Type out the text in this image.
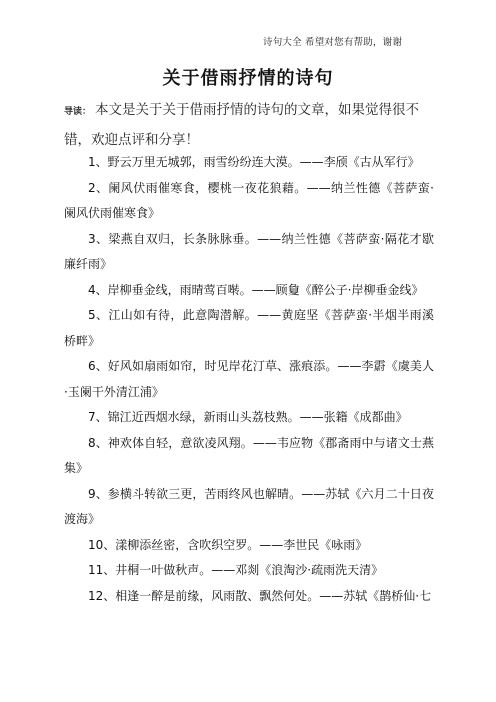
诗句大全 希望对您有帮助，谢谢
关于借雨抒情的诗句
导读： 本文是关于关于借雨抒情的诗句的文章，如果觉得很不错，欢迎点评和分享！
1、野云万里无城郭，雨雪纷纷连大漠。——李颀《古从军行》
2、阑风伏雨催寒食，樱桃一夜花狼藉。——纳兰性德《菩萨蛮·阑风伏雨催寒食》
3、梁燕自双归，长条脉脉垂。——纳兰性德《菩萨蛮·隔花才歇廉纤雨》
4、岸柳垂金线，雨晴莺百啭。——顾敻《醉公子·岸柳垂金线》
5、江山如有待，此意陶潜解。——黄庭坚《菩萨蛮·半烟半雨溪桥畔》
6、好风如扇雨如帘，时见岸花汀草、涨痕添。——李霨《虞美人·玉阑干外清江浦》
7、锦江近西烟水绿，新雨山头荔枝熟。——张籍《成都曲》
8、神欢体自轻，意欲凌风翔。——韦应物《郡斋雨中与诸文士燕集》
9、参横斗转欲三更，苦雨终风也解晴。——苏轼《六月二十日夜渡海》
10、漾柳添丝密，含吹织空罗。——李世民《咏雨》
11、井桐一叶做秋声。——邓剡《浪淘沙·疏雨洗天清》
12、相逢一醉是前缘，风雨散、飘然何处。——苏轼《鹊桥仙·七
